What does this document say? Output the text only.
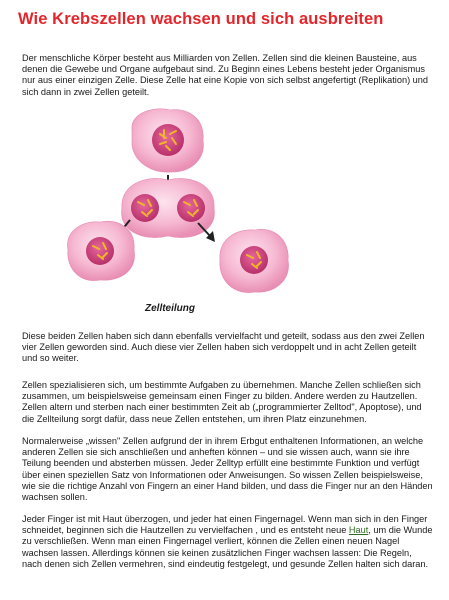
Wie Krebszellen wachsen und sich ausbreiten

Der menschliche Körper besteht aus Milliarden von Zellen. Zellen sind die kleinen Bausteine, aus denen die Gewebe und Organe aufgebaut sind. Zu Beginn eines Lebens besteht jeder Organismus nur aus einer einzigen Zelle. Diese Zelle hat eine Kopie von sich selbst angefertigt (Replikation) und sich dann in zwei Zellen geteilt.

Zellteilung

Diese beiden Zellen haben sich dann ebenfalls vervielfacht und geteilt, sodass aus den zwei Zellen vier Zellen geworden sind. Auch diese vier Zellen haben sich verdoppelt und in acht Zellen geteilt und so weiter.

Zellen spezialisieren sich, um bestimmte Aufgaben zu übernehmen. Manche Zellen schließen sich zusammen, um beispielsweise gemeinsam einen Finger zu bilden. Andere werden zu Hautzellen. Zellen altern und sterben nach einer bestimmten Zeit ab („programmierter Zelltod", Apoptose), und die Zellteilung sorgt dafür, dass neue Zellen entstehen, um ihren Platz einzunehmen.

Normalerweise „wissen" Zellen aufgrund der in ihrem Erbgut enthaltenen Informationen, an welche anderen Zellen sie sich anschließen und anheften können – und sie wissen auch, wann sie ihre Teilung beenden und absterben müssen. Jeder Zelltyp erfüllt eine bestimmte Funktion und verfügt über einen speziellen Satz von Informationen oder Anweisungen. So wissen Zellen beispielsweise, wie sie die richtige Anzahl von Fingern an einer Hand bilden, und dass die Finger nur an den Händen wachsen sollen.

Jeder Finger ist mit Haut überzogen, und jeder hat einen Fingernagel. Wenn man sich in den Finger schneidet, beginnen sich die Hautzellen zu vervielfachen , und es entsteht neue Haut, um die Wunde zu verschließen. Wenn man einen Fingernagel verliert, können die Zellen einen neuen Nagel wachsen lassen. Allerdings können sie keinen zusätzlichen Finger wachsen lassen: Die Regeln, nach denen sich Zellen vermehren, sind eindeutig festgelegt, und gesunde Zellen halten sich daran.
